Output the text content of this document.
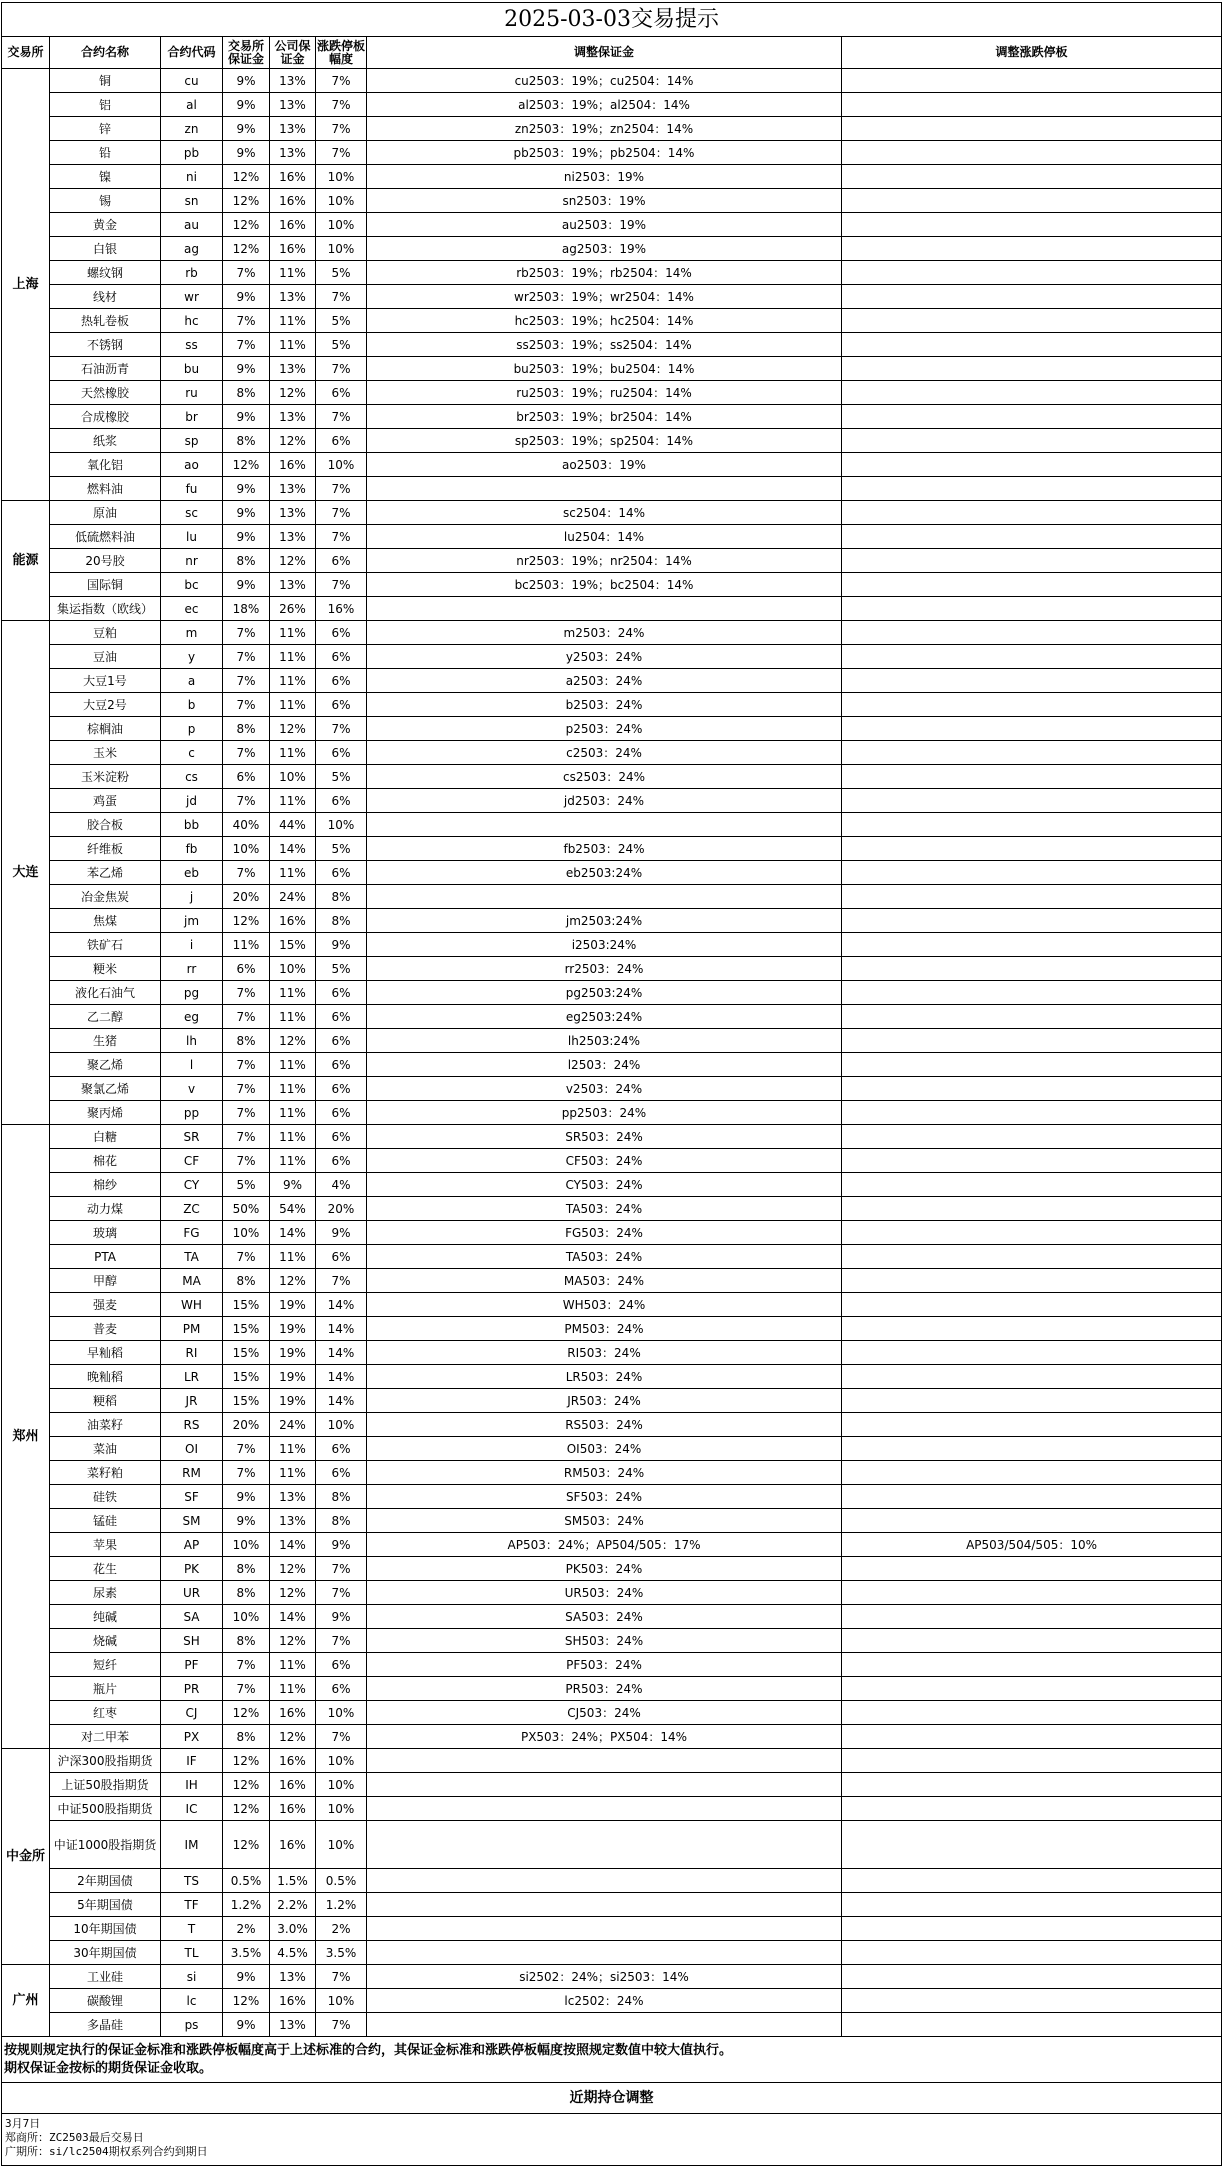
2025-03-03交易提示							
交易所	合约名称	合约代码	交易所保证金	公司保证金	涨跌停板幅度	调整保证金	调整涨跌停板
上海	铜	cu	9%	13%	7%	cu2503：19%；cu2504：14%	
	铝	al	9%	13%	7%	al2503：19%；al2504：14%	
	锌	zn	9%	13%	7%	zn2503：19%；zn2504：14%	
	铅	pb	9%	13%	7%	pb2503：19%；pb2504：14%	
	镍	ni	12%	16%	10%	ni2503：19%	
	锡	sn	12%	16%	10%	sn2503：19%	
	黄金	au	12%	16%	10%	au2503：19%	
	白银	ag	12%	16%	10%	ag2503：19%	
	螺纹钢	rb	7%	11%	5%	rb2503：19%；rb2504：14%	
	线材	wr	9%	13%	7%	wr2503：19%；wr2504：14%	
	热轧卷板	hc	7%	11%	5%	hc2503：19%；hc2504：14%	
	不锈钢	ss	7%	11%	5%	ss2503：19%；ss2504：14%	
	石油沥青	bu	9%	13%	7%	bu2503：19%；bu2504：14%	
	天然橡胶	ru	8%	12%	6%	ru2503：19%；ru2504：14%	
	合成橡胶	br	9%	13%	7%	br2503：19%；br2504：14%	
	纸浆	sp	8%	12%	6%	sp2503：19%；sp2504：14%	
	氧化铝	ao	12%	16%	10%	ao2503：19%	
	燃料油	fu	9%	13%	7%		
能源	原油	sc	9%	13%	7%	sc2504：14%	
	低硫燃料油	lu	9%	13%	7%	lu2504：14%	
	20号胶	nr	8%	12%	6%	nr2503：19%；nr2504：14%	
	国际铜	bc	9%	13%	7%	bc2503：19%；bc2504：14%	
	集运指数（欧线）	ec	18%	26%	16%		
大连	豆粕	m	7%	11%	6%	m2503：24%	
	豆油	y	7%	11%	6%	y2503：24%	
	大豆1号	a	7%	11%	6%	a2503：24%	
	大豆2号	b	7%	11%	6%	b2503：24%	
	棕榈油	p	8%	12%	7%	p2503：24%	
	玉米	c	7%	11%	6%	c2503：24%	
	玉米淀粉	cs	6%	10%	5%	cs2503：24%	
	鸡蛋	jd	7%	11%	6%	jd2503：24%	
	胶合板	bb	40%	44%	10%		
	纤维板	fb	10%	14%	5%	fb2503：24%	
	苯乙烯	eb	7%	11%	6%	eb2503:24%	
	冶金焦炭	j	20%	24%	8%		
	焦煤	jm	12%	16%	8%	jm2503:24%	
	铁矿石	i	11%	15%	9%	i2503:24%	
	粳米	rr	6%	10%	5%	rr2503：24%	
	液化石油气	pg	7%	11%	6%	pg2503:24%	
	乙二醇	eg	7%	11%	6%	eg2503:24%	
	生猪	lh	8%	12%	6%	lh2503:24%	
	聚乙烯	l	7%	11%	6%	l2503：24%	
	聚氯乙烯	v	7%	11%	6%	v2503：24%	
	聚丙烯	pp	7%	11%	6%	pp2503：24%	
郑州	白糖	SR	7%	11%	6%	SR503：24%	
	棉花	CF	7%	11%	6%	CF503：24%	
	棉纱	CY	5%	9%	4%	CY503：24%	
	动力煤	ZC	50%	54%	20%	TA503：24%	
	玻璃	FG	10%	14%	9%	FG503：24%	
	PTA	TA	7%	11%	6%	TA503：24%	
	甲醇	MA	8%	12%	7%	MA503：24%	
	强麦	WH	15%	19%	14%	WH503：24%	
	普麦	PM	15%	19%	14%	PM503：24%	
	早籼稻	RI	15%	19%	14%	RI503：24%	
	晚籼稻	LR	15%	19%	14%	LR503：24%	
	粳稻	JR	15%	19%	14%	JR503：24%	
	油菜籽	RS	20%	24%	10%	RS503：24%	
	菜油	OI	7%	11%	6%	OI503：24%	
	菜籽粕	RM	7%	11%	6%	RM503：24%	
	硅铁	SF	9%	13%	8%	SF503：24%	
	锰硅	SM	9%	13%	8%	SM503：24%	
	苹果	AP	10%	14%	9%	AP503：24%；AP504/505：17%	AP503/504/505：10%
	花生	PK	8%	12%	7%	PK503：24%	
	尿素	UR	8%	12%	7%	UR503：24%	
	纯碱	SA	10%	14%	9%	SA503：24%	
	烧碱	SH	8%	12%	7%	SH503：24%	
	短纤	PF	7%	11%	6%	PF503：24%	
	瓶片	PR	7%	11%	6%	PR503：24%	
	红枣	CJ	12%	16%	10%	CJ503：24%	
	对二甲苯	PX	8%	12%	7%	PX503：24%；PX504：14%	
中金所	沪深300股指期货	IF	12%	16%	10%		
	上证50股指期货	IH	12%	16%	10%		
	中证500股指期货	IC	12%	16%	10%		
	中证1000股指期货	IM	12%	16%	10%		
	2年期国债	TS	0.5%	1.5%	0.5%		
	5年期国债	TF	1.2%	2.2%	1.2%		
	10年期国债	T	2%	3.0%	2%		
	30年期国债	TL	3.5%	4.5%	3.5%		
广州	工业硅	si	9%	13%	7%	si2502：24%；si2503：14%	
	碳酸锂	lc	12%	16%	10%	lc2502：24%	
	多晶硅	ps	9%	13%	7%		
按规则规定执行的保证金标准和涨跌停板幅度高于上述标准的合约，其保证金标准和涨跌停板幅度按照规定数值中较大值执行。
期权保证金按标的期货保证金收取。							
近期持仓调整							

3月7日
郑商所：ZC2503最后交易日
广期所：si/lc2504期权系列合约到期日							
